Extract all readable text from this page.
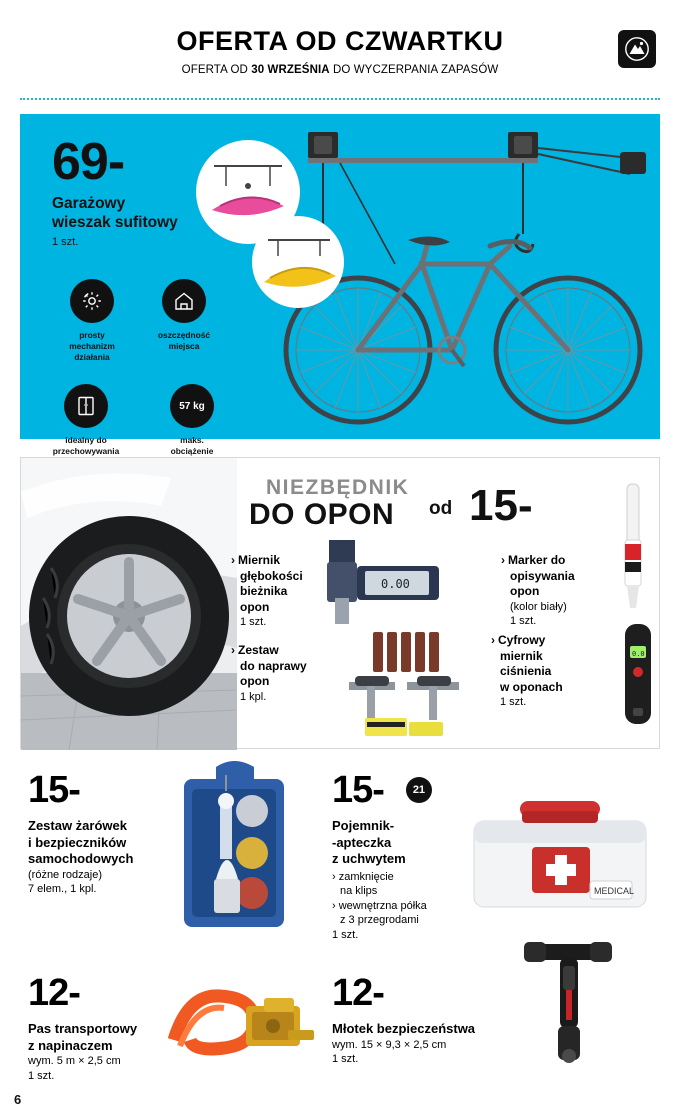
OFERTA OD CZWARTKU
OFERTA OD 30 WRZEŚNIA DO WYCZERPANIA ZAPASÓW
69‑
Garażowy
wieszak sufitowy
1 szt.
prosty
mechanizm
działania
oszczędność
miejsca
idealny do
przechowywania

57 kg
maks.
obciążenie
NIEZBĘDNIK
DO OPON od 15‑
0.00
0.0
› Miernik
głębokości
bieżnika
opon
1 szt.
› Zestaw
do naprawy
opon
1 kpl.
› Marker do
opisywania
opon
(kolor biały)
1 szt.
› Cyfrowy
miernik
ciśnienia
w oponach
1 szt.
15‑
Zestaw żarówek
i bezpieczników
samochodowych
(różne rodzaje)
7 elem., 1 kpl.
15‑	21
Pojemnik-
-apteczka
z uchwytem
› zamknięcie
na klips
› wewnętrzna półka
z 3 przegrodami
1 szt.
MEDICAL
12‑
Pas transportowy
z napinaczem
wym. 5 m × 2,5 cm
1 szt.
12‑
Młotek bezpieczeństwa
wym. 15 × 9,3 × 2,5 cm
1 szt.
6
